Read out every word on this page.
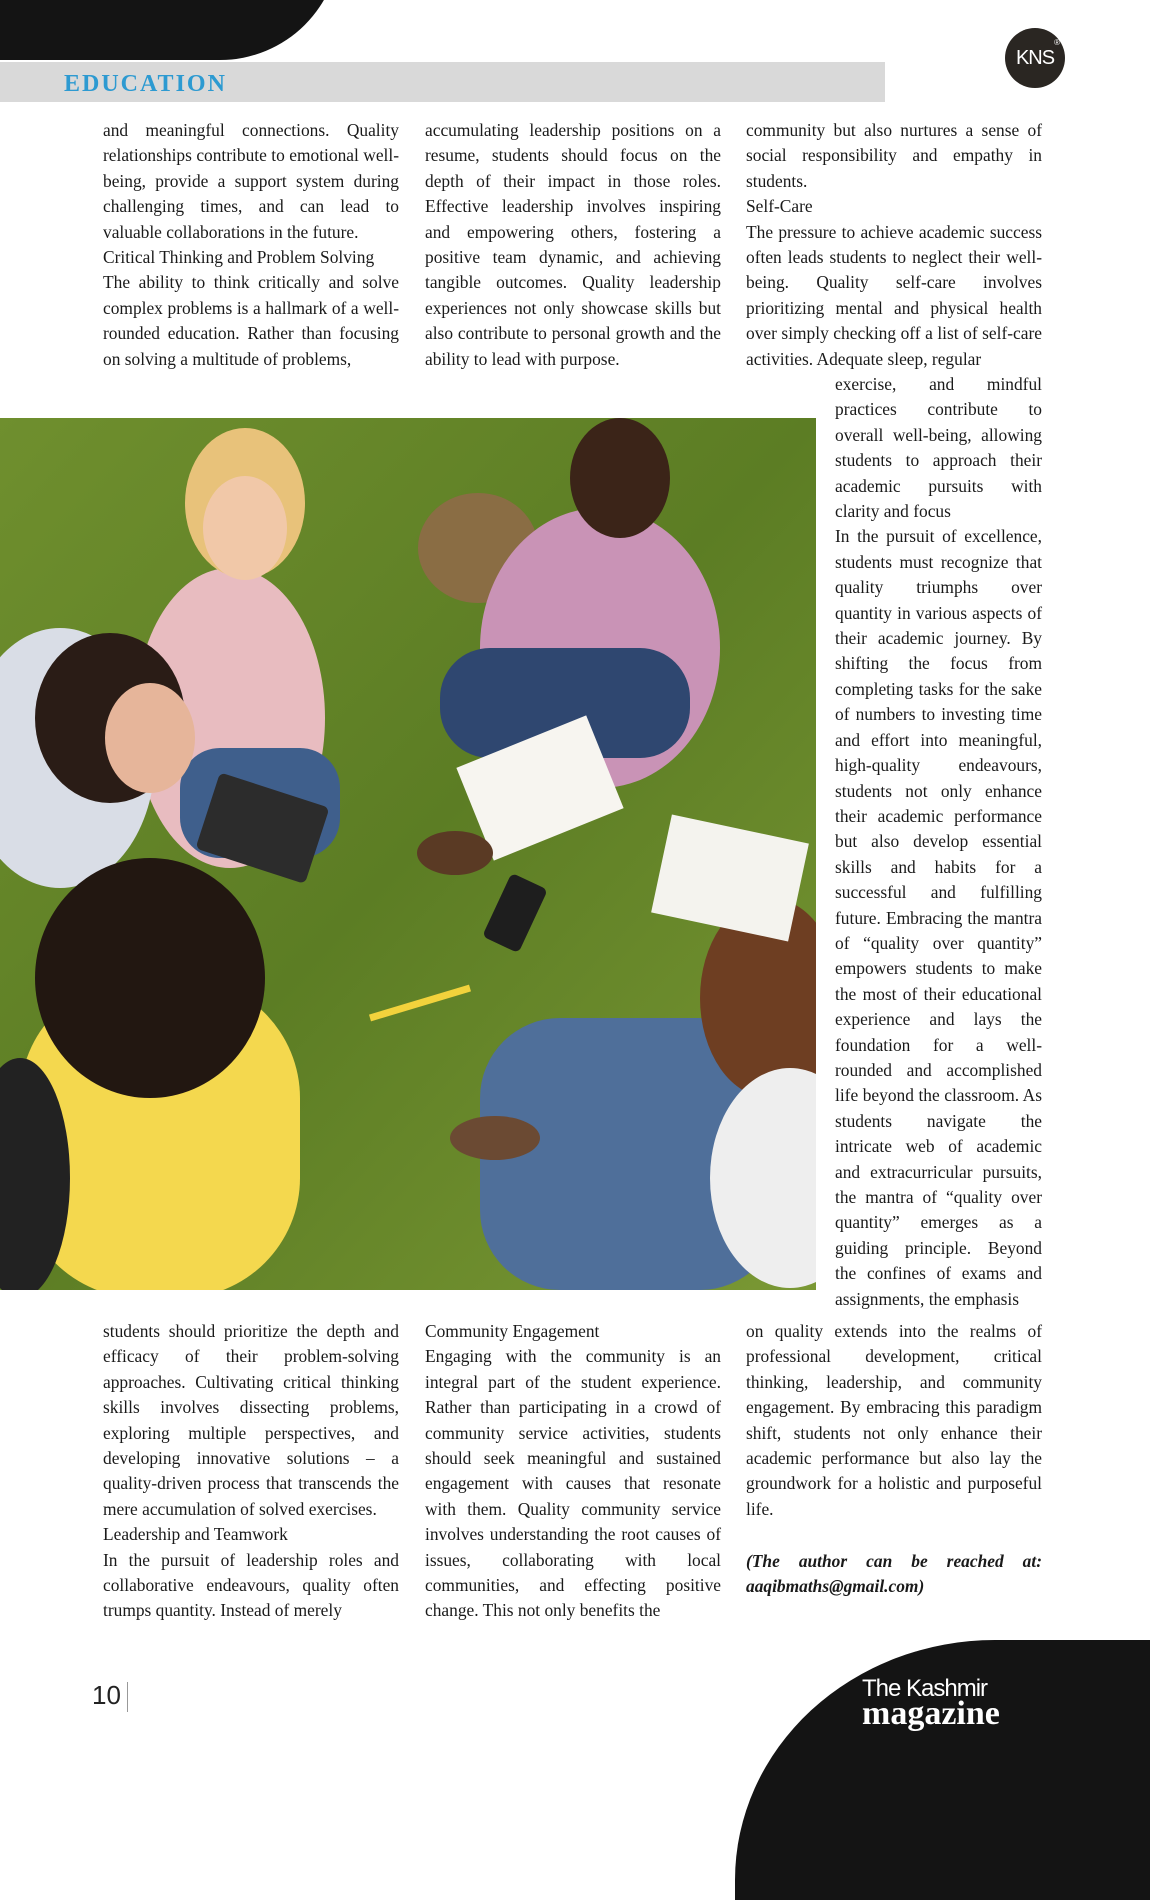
EDUCATION
KNS
®

and meaningful connections. Quality relationships contribute to emotional well-being, provide a support system during challenging times, and can lead to valuable collaborations in the future.

Critical Thinking and Problem Solving

The ability to think critically and solve complex problems is a hallmark of a well-rounded education. Rather than focusing on solving a multitude of problems,

accumulating leadership positions on a resume, students should focus on the depth of their impact in those roles. Effective leadership involves inspiring and empowering others, fostering a positive team dynamic, and achieving tangible outcomes. Quality leadership experiences not only showcase skills but also contribute to personal growth and the ability to lead with purpose.

community but also nurtures a sense of social responsibility and empathy in students.

Self-Care

The pressure to achieve academic success often leads students to neglect their well-being. Quality self-care involves prioritizing mental and physical health over simply checking off a list of self-care activities. Adequate sleep, regular

exercise, and mindful practices contribute to overall well-being, allowing students to approach their academic pursuits with clarity and focus

In the pursuit of excellence, students must recognize that quality triumphs over quantity in various aspects of their academic journey. By shifting the focus from completing tasks for the sake of numbers to investing time and effort into meaningful, high-quality endeavours, students not only enhance their academic performance but also develop essential skills and habits for a successful and fulfilling future. Embracing the mantra of “quality over quantity” empowers students to make the most of their educational experience and lays the foundation for a well-rounded and accomplished life beyond the classroom. As students navigate the intricate web of academic and extracurricular pursuits, the mantra of “quality over quantity” emerges as a guiding principle. Beyond the confines of exams and assignments, the emphasis

students should prioritize the depth and efficacy of their problem-solving approaches. Cultivating critical thinking skills involves dissecting problems, exploring multiple perspectives, and developing innovative solutions – a quality-driven process that transcends the mere accumulation of solved exercises.

Leadership and Teamwork

In the pursuit of leadership roles and collaborative endeavours, quality often trumps quantity. Instead of merely

Community Engagement

Engaging with the community is an integral part of the student experience. Rather than participating in a crowd of community service activities, students should seek meaningful and sustained engagement with causes that resonate with them. Quality community service involves understanding the root causes of issues, collaborating with local communities, and effecting positive change. This not only benefits the

on quality extends into the realms of professional development, critical thinking, leadership, and community engagement. By embracing this paradigm shift, students not only enhance their academic performance but also lay the groundwork for a holistic and purposeful life.

(The author can be reached at: aaqibmaths@gmail.com)
10	The Kashmir
magazine
